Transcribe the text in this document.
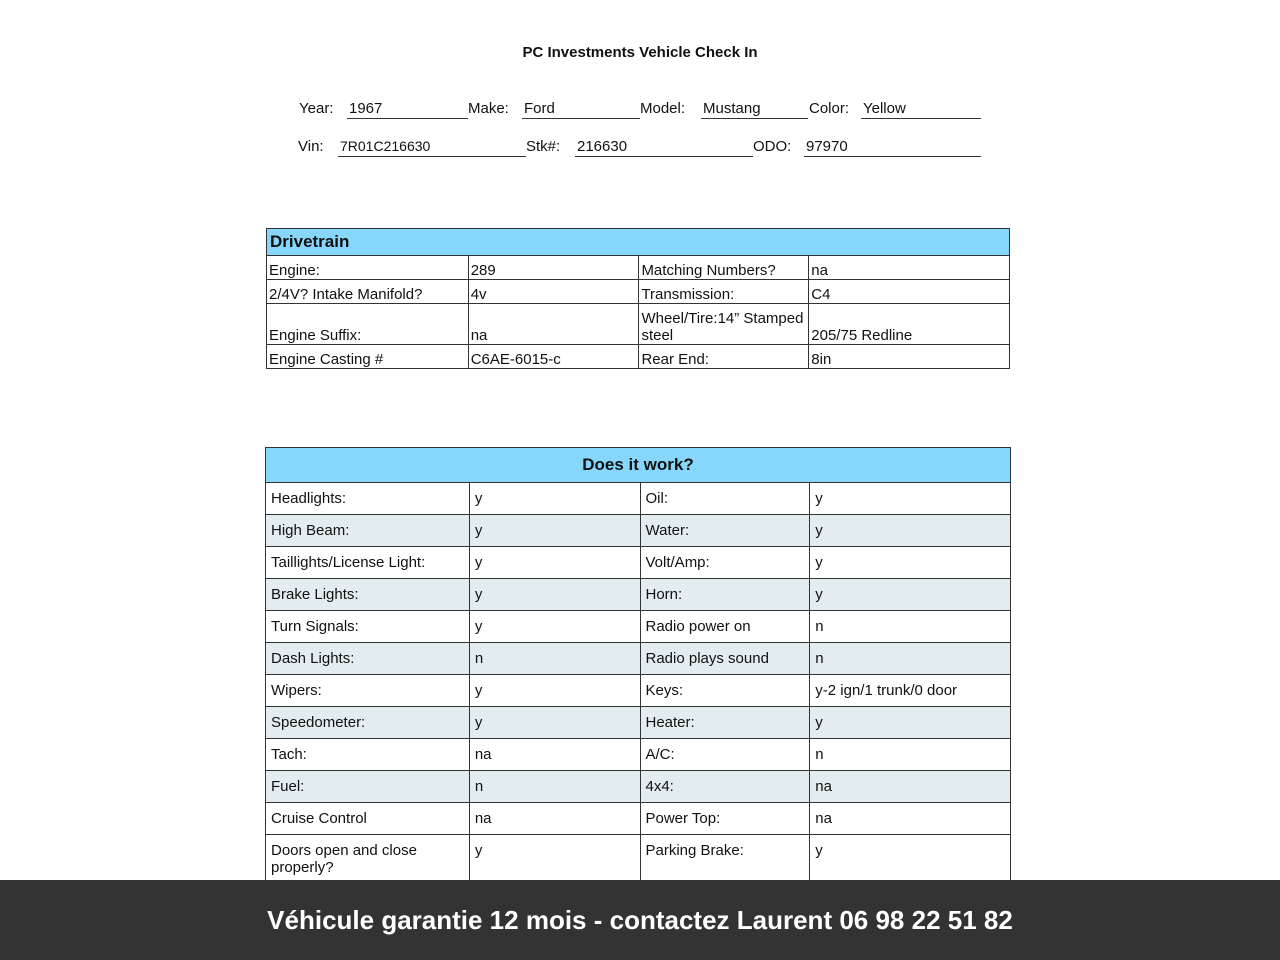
PC Investments Vehicle Check In
Year: 1967	Make: Ford	Model: Mustang	Color: Yellow
Vin: 7R01C216630	Stk#: 216630	ODO: 97970
Drivetrain			
Engine:	289	Matching Numbers?	na
2/4V? Intake Manifold?	4v	Transmission:	C4
Engine Suffix:	na	Wheel/Tire:14” Stamped steel	205/75 Redline
Engine Casting #	C6AE-6015-c	Rear End:	8in
Does it work?			
Headlights:	y	Oil:	y
High Beam:	y	Water:	y
Taillights/License Light:	y	Volt/Amp:	y
Brake Lights:	y	Horn:	y
Turn Signals:	y	Radio power on	n
Dash Lights:	n	Radio plays sound	n
Wipers:	y	Keys:	y-2 ign/1 trunk/0 door
Speedometer:	y	Heater:	y
Tach:	na	A/C:	n
Fuel:	n	4x4:	na
Cruise Control	na	Power Top:	na
Doors open and close properly?	y	Parking Brake:	y
Véhicule garantie 12 mois - contactez Laurent 06 98 22 51 82
